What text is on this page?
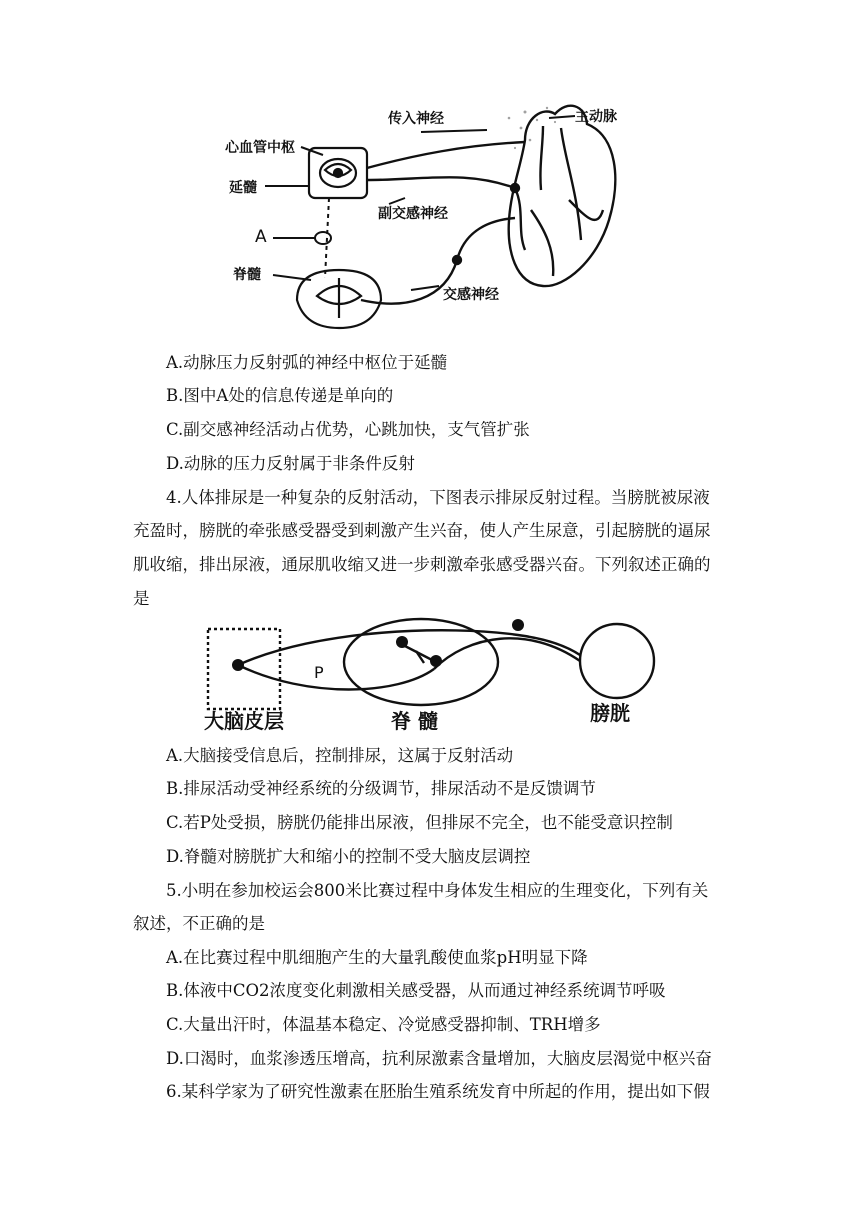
传入神经	主动脉
心血管中枢
延髓
副交感神经
A
脊髓
交感神经
A.动脉压力反射弧的神经中枢位于延髓
B.图中A处的信息传递是单向的
C.副交感神经活动占优势，心跳加快，支气管扩张
D.动脉的压力反射属于非条件反射
4.人体排尿是一种复杂的反射活动，下图表示排尿反射过程。当膀胱被尿液
充盈时，膀胱的牵张感受器受到刺激产生兴奋，使人产生尿意，引起膀胱的逼尿
肌收缩，排出尿液，通尿肌收缩又进一步刺激牵张感受器兴奋。下列叙述正确的
是
大脑皮层
P
脊 髓	膀胱
A.大脑接受信息后，控制排尿，这属于反射活动
B.排尿活动受神经系统的分级调节，排尿活动不是反馈调节
C.若P处受损，膀胱仍能排出尿液，但排尿不完全，也不能受意识控制
D.脊髓对膀胱扩大和缩小的控制不受大脑皮层调控
5.小明在参加校运会800米比赛过程中身体发生相应的生理变化，下列有关
叙述，不正确的是
A.在比赛过程中肌细胞产生的大量乳酸使血浆pH明显下降
B.体液中CO2浓度变化刺激相关感受器，从而通过神经系统调节呼吸
C.大量出汗时，体温基本稳定、冷觉感受器抑制、TRH增多
D.口渴时，血浆渗透压增高，抗利尿激素含量增加，大脑皮层渴觉中枢兴奋
6.某科学家为了研究性激素在胚胎生殖系统发育中所起的作用，提出如下假
